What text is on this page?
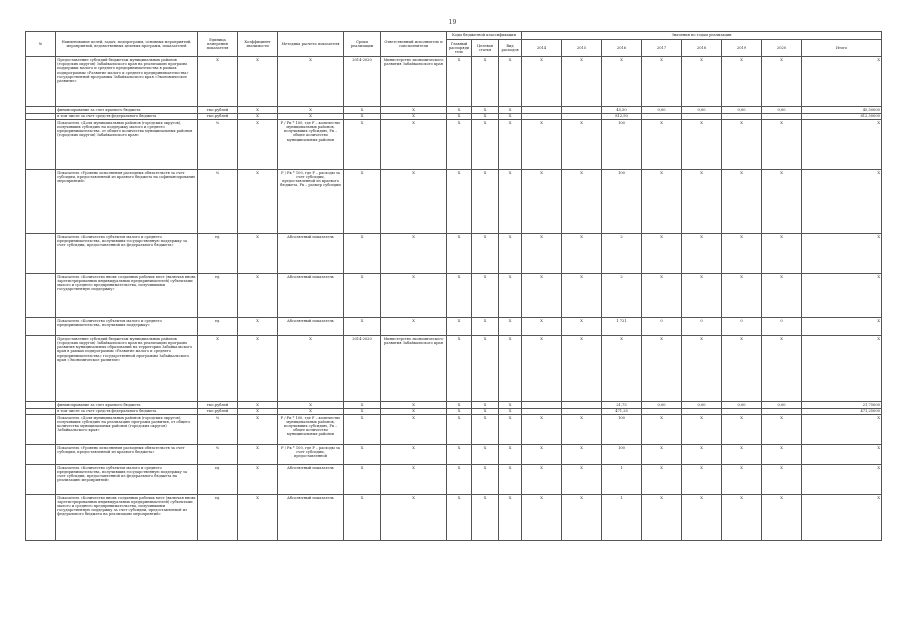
19
№	Наименование целей, задач, подпрограмм, основных мероприятий, мероприятий, ведомственных целевых программ, показателей	Единица измерения показателя	Коэффициент значимости	Методика расчета показателя	Сроки реализации	Ответственный исполнитель и соисполнители	Коды бюджетной классификации			Значения по годам реализации							
							Главный распорядитель	Целевая статья	Вид расходов	2014	2015	2016	2017	2018	2019	2020	Итого
	Предоставление субсидий бюджетам муниципальных районов (городских округов) Забайкальского края на реализацию программ поддержки малого и среднего предпринимательства в рамках подпрограммы «Развитие малого и среднего предпринимательства» государственной программы Забайкальского края «Экономическое развитие»	X	X	X	2014-2020	Министерство экономического развития Забайкальского края	X	X	X	X	X	X	X	X	X	X	X
	финансирование за счет краевого бюджета	тыс.рублей	X	X	X	X	X	X	X			45,50	0,00	0,00	0,00	0,00	45,50000
	в том числе за счет средств федерального бюджета	тыс.рублей	X	X	X	X	X	X	X			812,50					812,50000
	Показатель «Доля муниципальных районов (городских округов), получивших субсидию на поддержку малого и среднего предпринимательства, от общего количества муниципальных районов (городских округов) Забайкальского края»	%	X	F / Fк * 100, где F – количество муниципальных районов, получивших субсидию, Fк – общее количество муниципальных районов	X	X	X	X	X	X	X	100	X	X	X	X	X
	Показатель «Уровень исполнения расходных обязательств за счет субсидии, предоставленной из краевого бюджета на софинансирование мероприятий»	%	X	F / Fк * 100, где F – расходы за счет субсидии, предоставленной из краевого бюджета, Fк – размер субсидии	X	X	X	X	X	X	X	100	X	X	X	X	X
	Показатель «Количество субъектов малого и среднего предпринимательства, получивших государственную поддержку за счет субсидии, предоставленной из федерального бюджета»	ед.	X	Абсолютный показатель	X	X	X	X	X	X	X	2	X	X	X	X	X
	Показатель «Количество вновь созданных рабочих мест (включая вновь зарегистрированных индивидуальных предпринимателей) субъектами малого и среднего предпринимательства, получившими государственную поддержку»	ед.	X	Абсолютный показатель	X	X	X	X	X	X	X	2	X	X	X	X	X
	Показатель «Количество субъектов малого и среднего предпринимательства, получивших поддержку»	ед.	X	Абсолютный показатель	X	X	X	X	X	X	X	1 721	0	0	0	0	X
	Предоставление субсидий бюджетам муниципальных районов (городских округов) Забайкальского края на реализацию программ развития муниципальных образований на территории Забайкальского края в рамках подпрограммы «Развитие малого и среднего предпринимательства» государственной программы Забайкальского края «Экономическое развитие»	X	X	X	2014-2020	Министерство экономического развития Забайкальского края	X	X	X	X	X	X	X	X	X	X	X
	финансирование за счет краевого бюджета	тыс.рублей	X	X	X	X	X	X	X			21,75	0,00	0,00	0,00	0,00	21,75000
	в том числе за счет средств федерального бюджета	тыс.рублей	X	X	X	X	X	X	X			471,25					471,25000
	Показатель «Доля муниципальных районов (городских округов), получивших субсидию на реализацию программ развития, от общего количества муниципальных районов (городских округов) Забайкальского края»	%	X	F / Fк * 100, где F – количество муниципальных районов, получивших субсидию, Fк – общее количество муниципальных районов	X	X	X	X	X	X	X	100	X	X	X	X	X
	Показатель «Уровень исполнения расходных обязательств за счет субсидии, предоставленной из краевого бюджета»	%	X	F / Fк * 100, где F – расходы за счет субсидии, предоставленной	X	X	X	X	X	X	X	100	X	X	X	X	X
	Показатель «Количество субъектов малого и среднего предпринимательства, получивших государственную поддержку за счет субсидии, предоставленной из федерального бюджета на реализацию мероприятий»	ед.	X	Абсолютный показатель	X	X	X	X	X	X	X	1	X	X	X	X	X
	Показатель «Количество вновь созданных рабочих мест (включая вновь зарегистрированных индивидуальных предпринимателей) субъектами малого и среднего предпринимательства, получившими государственную поддержку за счет субсидии, предоставленной из федерального бюджета на реализацию мероприятий»	ед.	X	Абсолютный показатель	X	X	X	X	X	X	X	1	X	X	X	X	X
